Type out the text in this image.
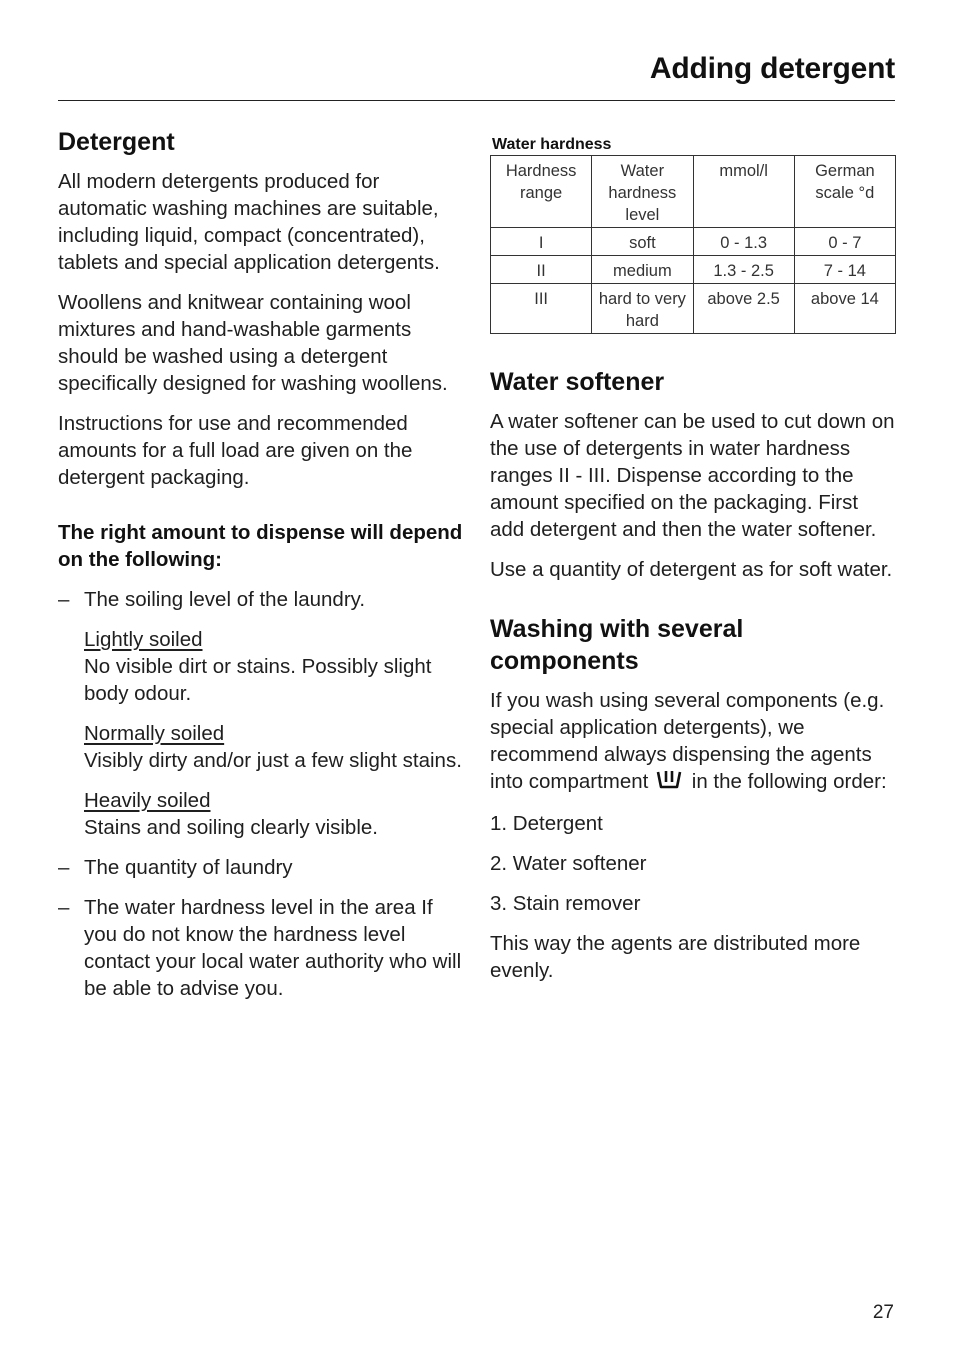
Adding detergent
Detergent

All modern detergents produced for automatic washing machines are suitable, including liquid, compact (concentrated), tablets and special application detergents.

Woollens and knitwear containing wool mixtures and hand-washable garments should be washed using a detergent specifically designed for washing woollens.

Instructions for use and recommended amounts for a full load are given on the detergent packaging.

The right amount to dispense will depend on the following:
– The soiling level of the laundry.
Lightly soiled
No visible dirt or stains. Possibly slight body odour.
Normally soiled
Visibly dirty and/or just a few slight stains.
Heavily soiled
Stains and soiling clearly visible.
– The quantity of laundry
– The water hardness level in the area If you do not know the hardness level contact your local water authority who will be able to advise you.
Water hardness
Hardness range	Water hardness level	mmol/l	German scale °d
I	soft	0 - 1.3	0 - 7
II	medium	1.3 - 2.5	7 - 14
III	hard to very hard	above 2.5	above 14
Water softener

A water softener can be used to cut down on the use of detergents in water hardness ranges II - III. Dispense according to the amount specified on the packaging. First add detergent and then the water softener.

Use a quantity of detergent as for soft water.

Washing with several components

If you wash using several components (e.g. special application detergents), we recommend always dispensing the agents into compartment in the following order:

1. Detergent

2. Water softener

3. Stain remover

This way the agents are distributed more evenly.

27
